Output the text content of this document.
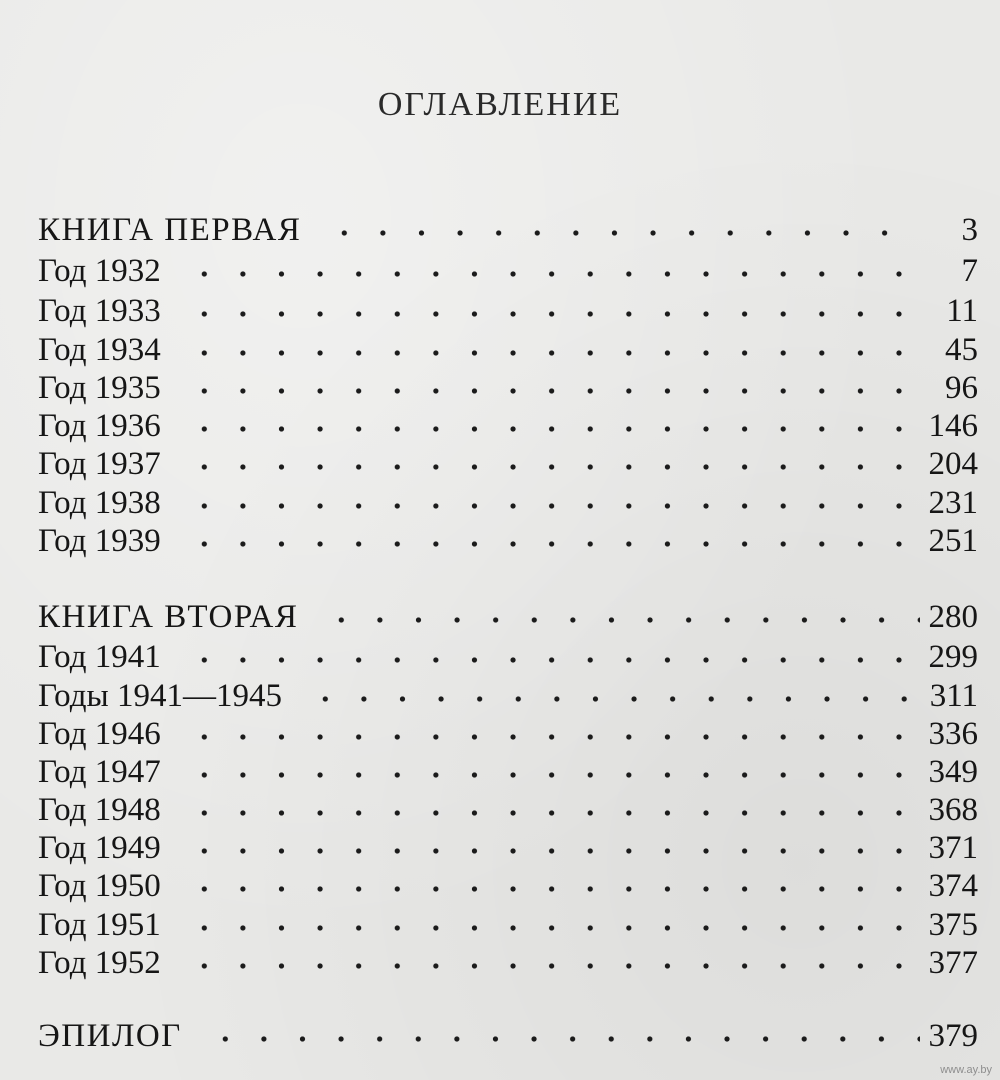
ОГЛАВЛЕНИЕ
КНИГА ПЕРВАЯ	3
Год 1932	7
Год 1933	11
Год 1934	45
Год 1935	96
Год 1936	146
Год 1937	204
Год 1938	231
Год 1939	251
КНИГА ВТОРАЯ	280
Год 1941	299
Годы 1941—1945	311
Год 1946	336
Год 1947	349
Год 1948	368
Год 1949	371
Год 1950	374
Год 1951	375
Год 1952	377
ЭПИЛОГ	379
www.ay.by
